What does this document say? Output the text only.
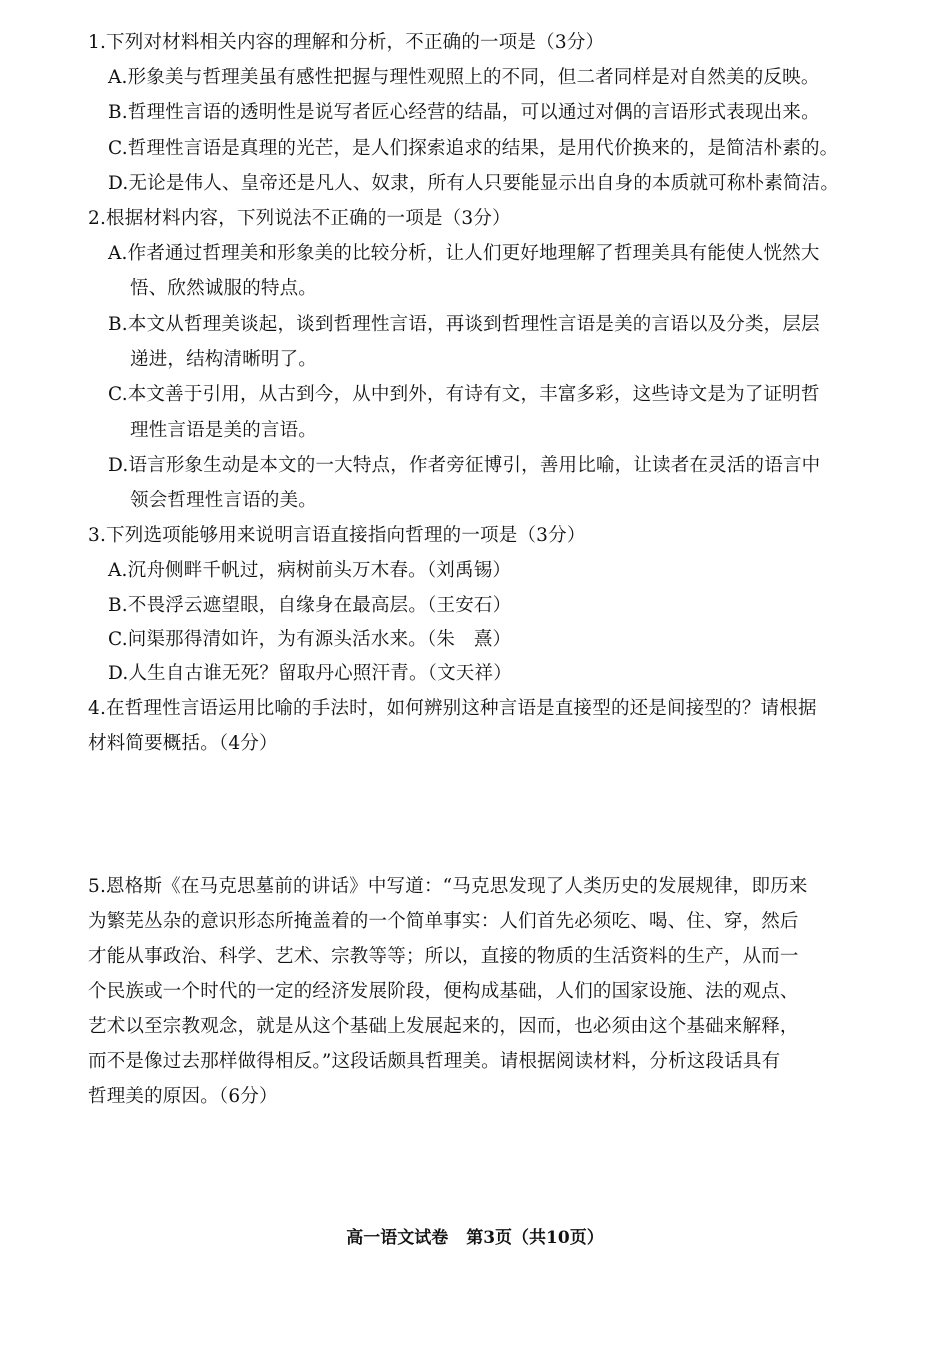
1.下列对材料相关内容的理解和分析，不正确的一项是（3分）
A.形象美与哲理美虽有感性把握与理性观照上的不同，但二者同样是对自然美的反映。
B.哲理性言语的透明性是说写者匠心经营的结晶，可以通过对偶的言语形式表现出来。
C.哲理性言语是真理的光芒，是人们探索追求的结果，是用代价换来的，是简洁朴素的。
D.无论是伟人、皇帝还是凡人、奴隶，所有人只要能显示出自身的本质就可称朴素简洁。
2.根据材料内容，下列说法不正确的一项是（3分）
A.作者通过哲理美和形象美的比较分析，让人们更好地理解了哲理美具有能使人恍然大
悟、欣然诚服的特点。
B.本文从哲理美谈起，谈到哲理性言语，再谈到哲理性言语是美的言语以及分类，层层
递进，结构清晰明了。
C.本文善于引用，从古到今，从中到外，有诗有文，丰富多彩，这些诗文是为了证明哲
理性言语是美的言语。
D.语言形象生动是本文的一大特点，作者旁征博引，善用比喻，让读者在灵活的语言中
领会哲理性言语的美。
3.下列选项能够用来说明言语直接指向哲理的一项是（3分）
A.沉舟侧畔千帆过，病树前头万木春。（刘禹锡）
B.不畏浮云遮望眼，自缘身在最高层。（王安石）
C.问渠那得清如许，为有源头活水来。（朱　熹）
D.人生自古谁无死？留取丹心照汗青。（文天祥）
4.在哲理性言语运用比喻的手法时，如何辨别这种言语是直接型的还是间接型的？请根据
材料简要概括。（4分）
5.恩格斯《在马克思墓前的讲话》中写道：“马克思发现了人类历史的发展规律，即历来
为繁芜丛杂的意识形态所掩盖着的一个简单事实：人们首先必须吃、喝、住、穿，然后
才能从事政治、科学、艺术、宗教等等；所以，直接的物质的生活资料的生产，从而一
个民族或一个时代的一定的经济发展阶段，便构成基础，人们的国家设施、法的观点、
艺术以至宗教观念，就是从这个基础上发展起来的，因而，也必须由这个基础来解释，
而不是像过去那样做得相反。”这段话颇具哲理美。请根据阅读材料，分析这段话具有
哲理美的原因。（6分）
高一语文试卷 第3页（共10页）
